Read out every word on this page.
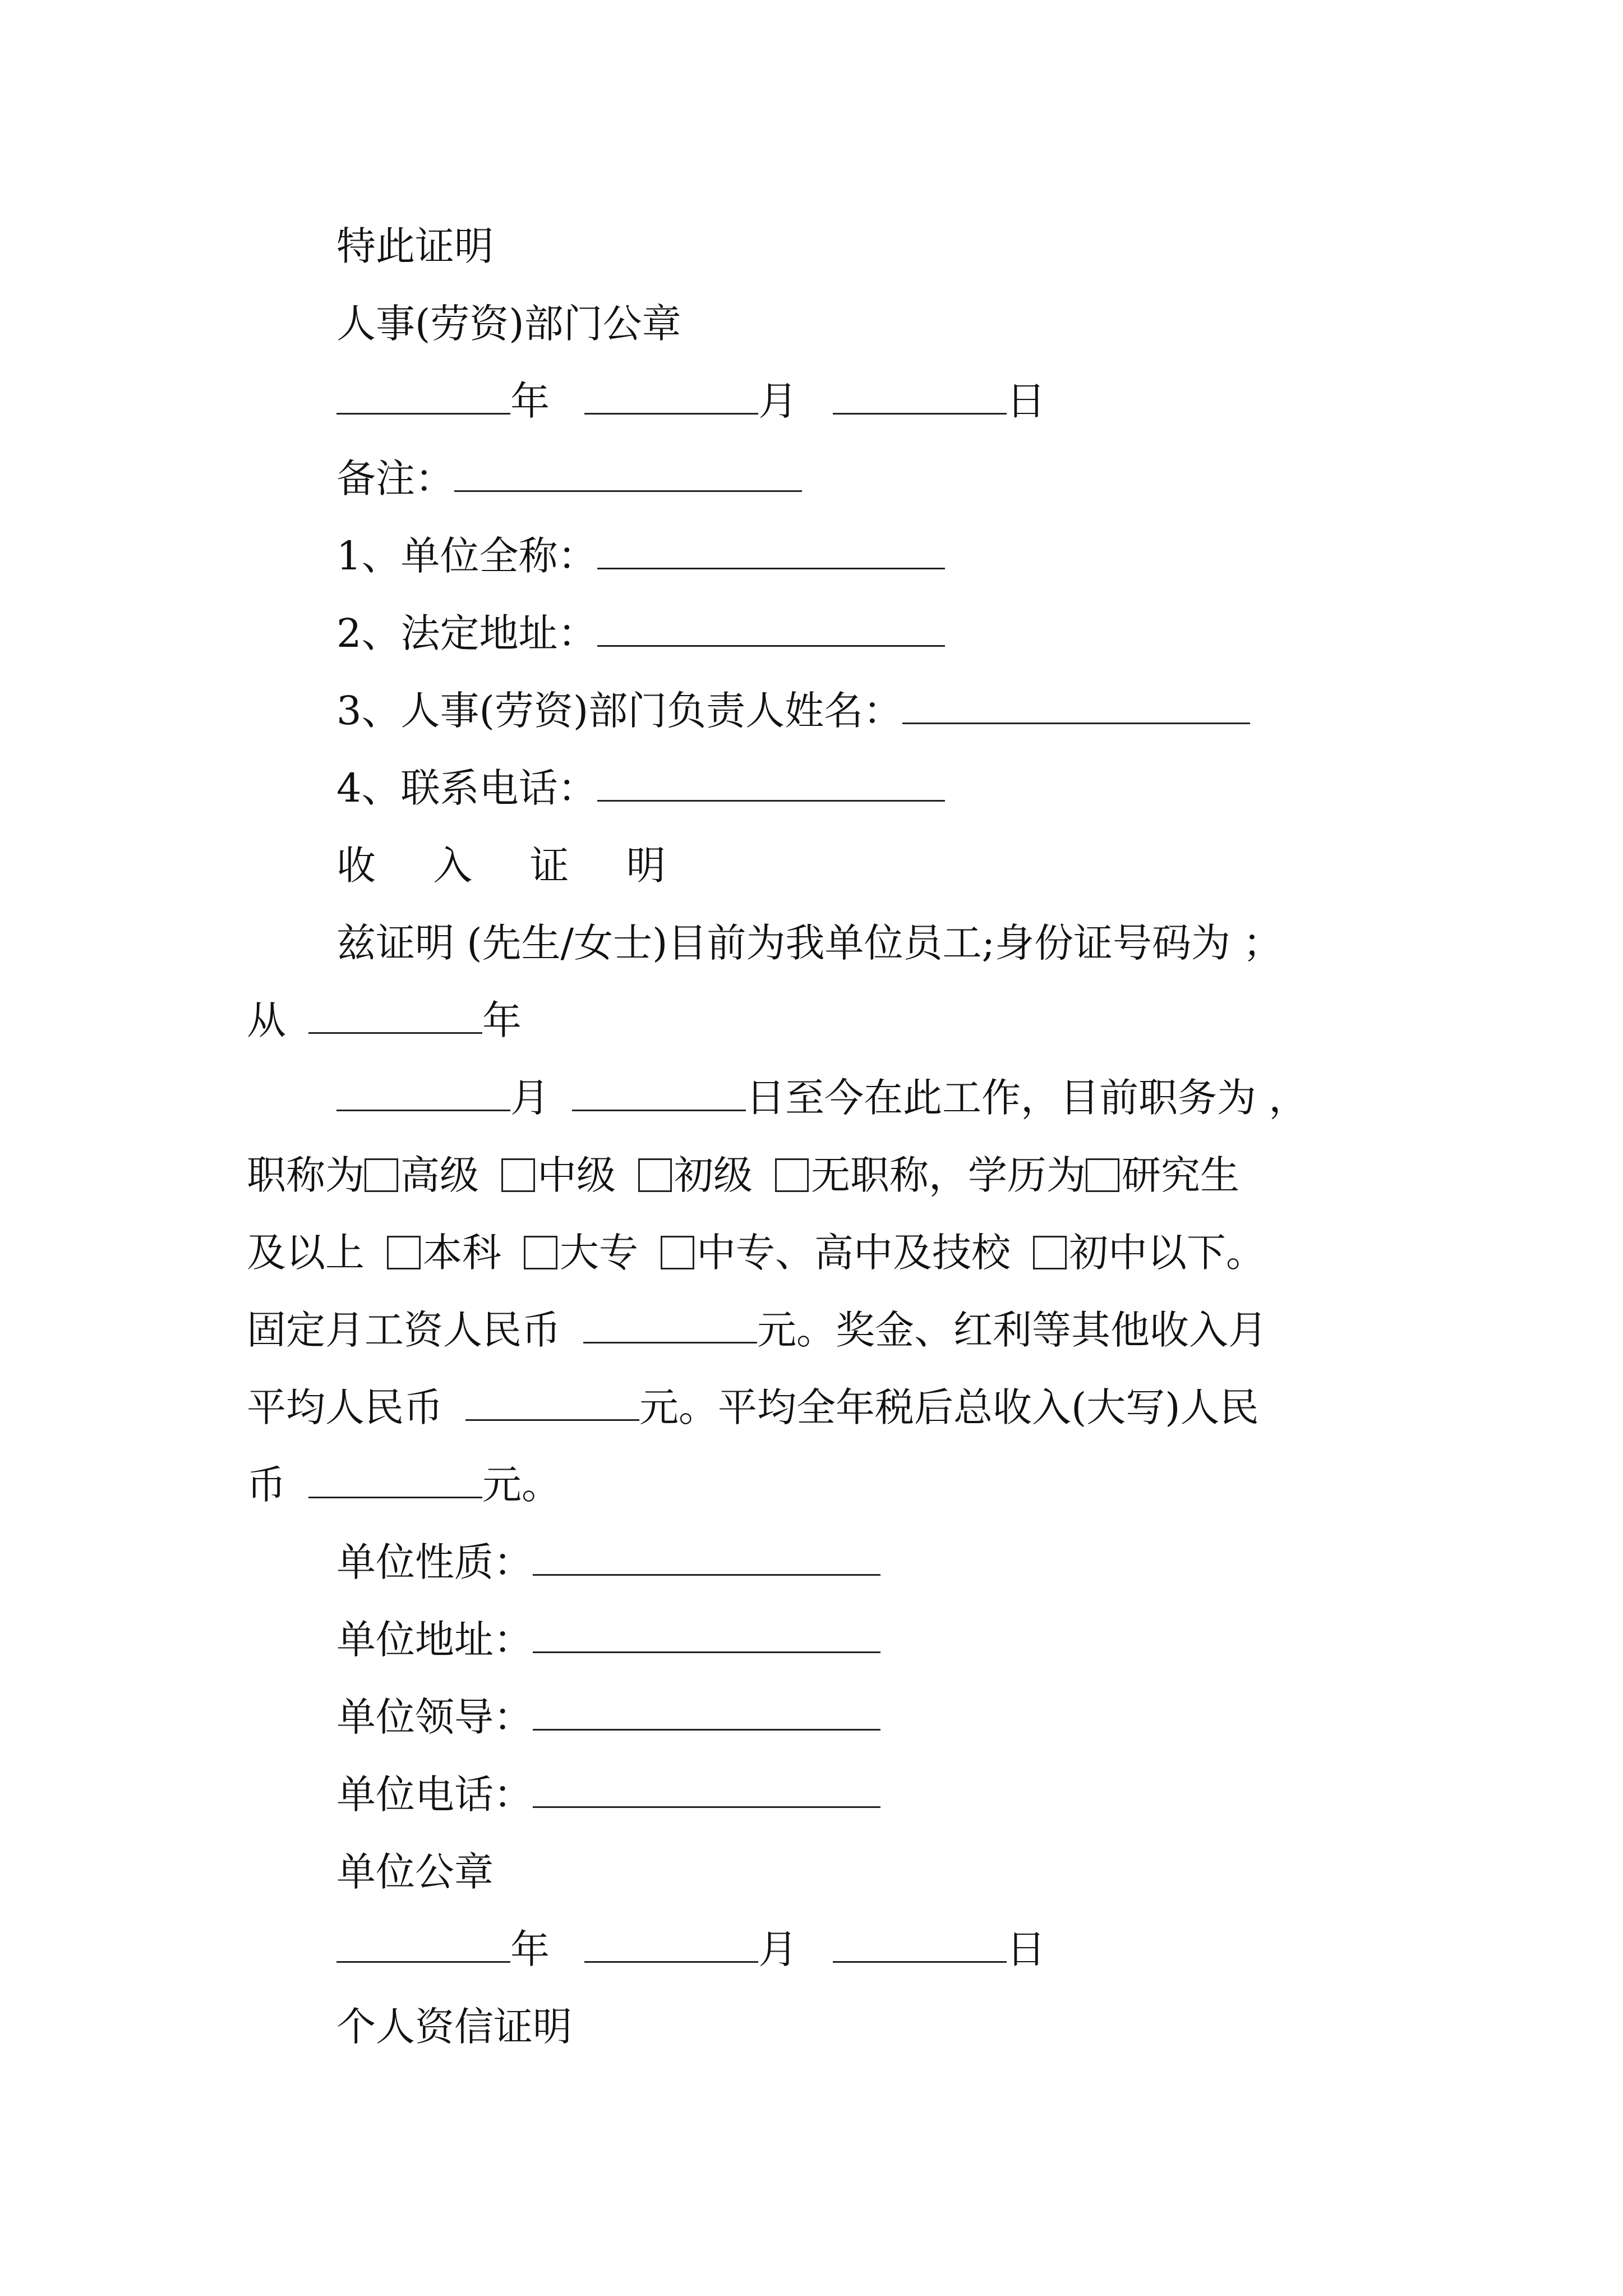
特此证明
人事(劳资)部门公章
年	月	日
备注：
1、单位全称：
2、法定地址：
3、人事(劳资)部门负责人姓名：
4、联系电话：
收 入 证 明
兹证明 (先生/女士)目前为我单位员工;身份证号码为 ；
从	年
月	日至今在此工作，目前职务为 ，
职称为 高级 中级 初级 无职称，学历为 研究生
及以上 本科 大专 中专、高中及技校 初中以下。
固定月工资人民币	元。奖金、红利等其他收入月
平均人民币	元。平均全年税后总收入(大写)人民
币	元。
单位性质：
单位地址：
单位领导：
单位电话：
单位公章
年	月	日
个人资信证明
